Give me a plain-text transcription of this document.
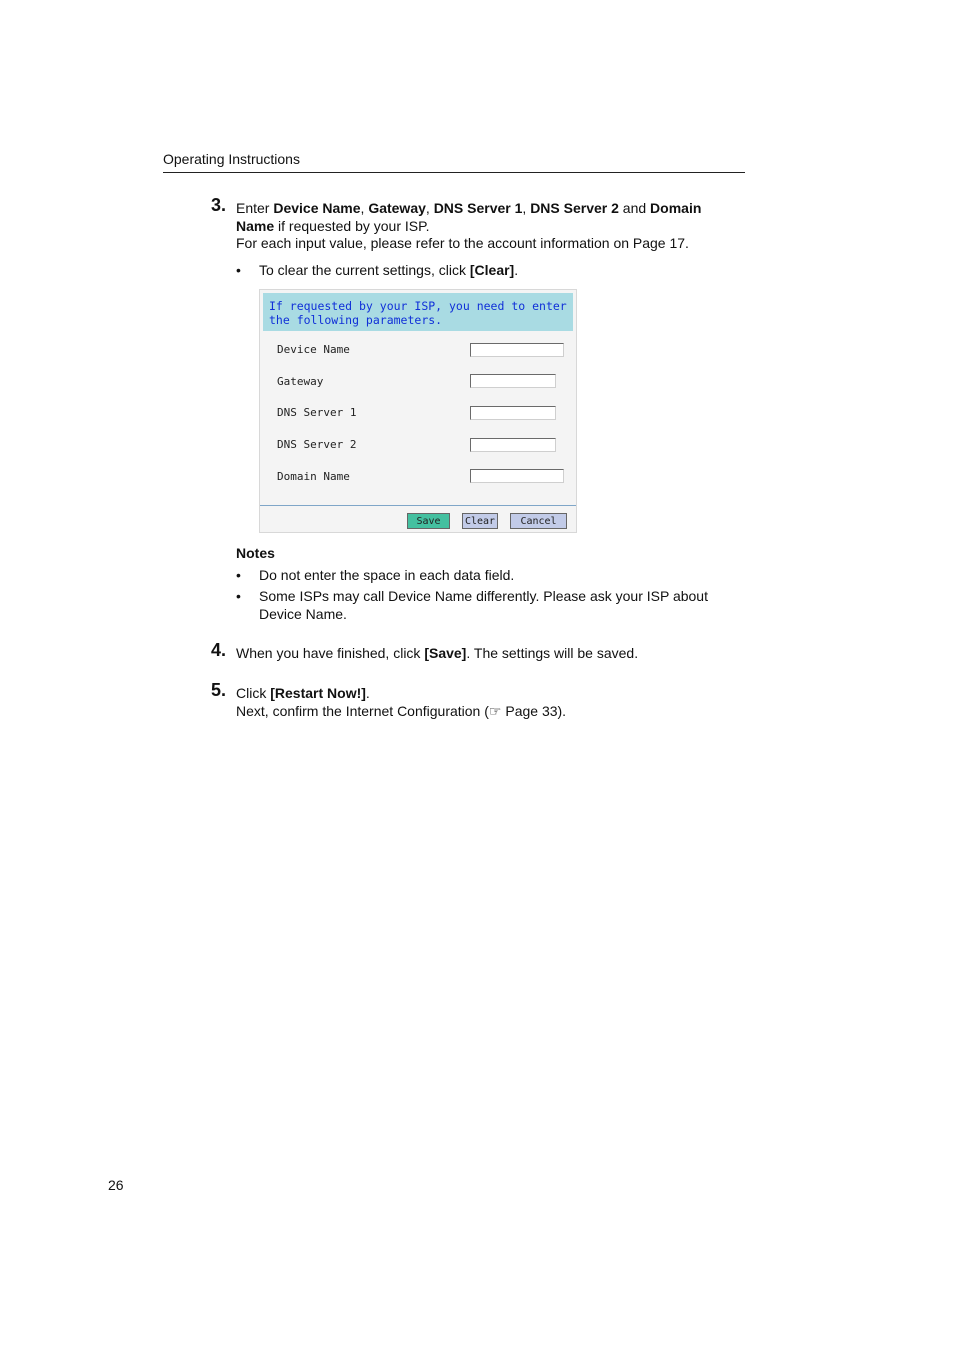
Operating Instructions
3. Enter Device Name, Gateway, DNS Server 1, DNS Server 2 and Domain Name if requested by your ISP.
For each input value, please refer to the account information on Page 17.
• To clear the current settings, click [Clear].
If requested by your ISP, you need to enter the following parameters.
Device Name
Gateway
DNS Server 1
DNS Server 2
Domain Name
Save	Clear	Cancel
Notes
• Do not enter the space in each data field.
• Some ISPs may call Device Name differently. Please ask your ISP about Device Name.
4. When you have finished, click [Save]. The settings will be saved.
5. Click [Restart Now!].
Next, confirm the Internet Configuration (☞ Page 33).
26
